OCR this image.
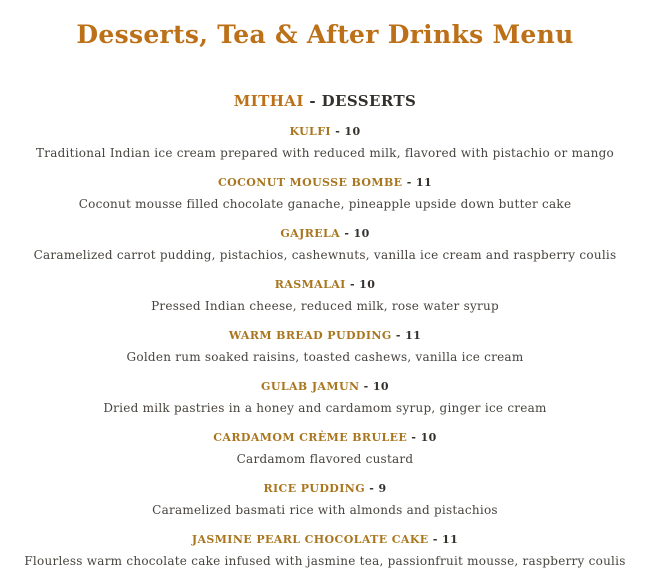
Desserts, Tea & After Drinks Menu
MITHAI - DESSERTS
KULFI - 10
Traditional Indian ice cream prepared with reduced milk, flavored with pistachio or mango
COCONUT MOUSSE BOMBE - 11
Coconut mousse filled chocolate ganache, pineapple upside down butter cake
GAJRELA - 10
Caramelized carrot pudding, pistachios, cashewnuts, vanilla ice cream and raspberry coulis
RASMALAI - 10
Pressed Indian cheese, reduced milk, rose water syrup
WARM BREAD PUDDING - 11
Golden rum soaked raisins, toasted cashews, vanilla ice cream
GULAB JAMUN - 10
Dried milk pastries in a honey and cardamom syrup, ginger ice cream
CARDAMOM CRÈME BRULEE - 10
Cardamom flavored custard
RICE PUDDING - 9
Caramelized basmati rice with almonds and pistachios
JASMINE PEARL CHOCOLATE CAKE - 11
Flourless warm chocolate cake infused with jasmine tea, passionfruit mousse, raspberry coulis
